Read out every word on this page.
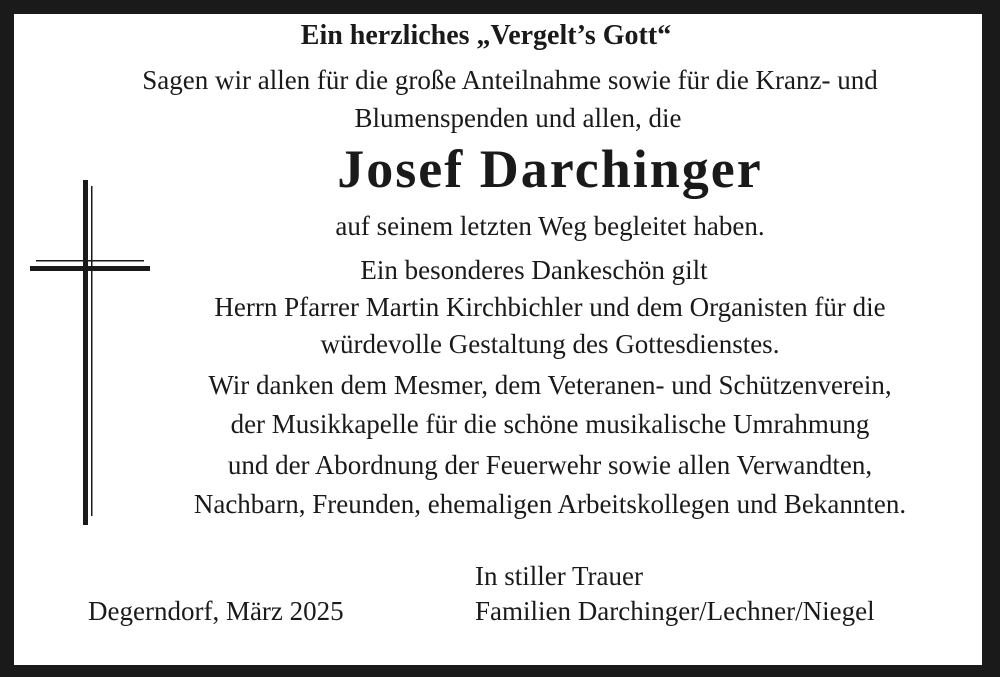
Ein herzliches „Vergelt’s Gott“
Sagen wir allen für die große Anteilnahme sowie für die Kranz- und
Blumenspenden und allen, die
Josef Darchinger
auf seinem letzten Weg begleitet haben.
Ein besonderes Dankeschön gilt
Herrn Pfarrer Martin Kirchbichler und dem Organisten für die
würdevolle Gestaltung des Gottesdienstes.
Wir danken dem Mesmer, dem Veteranen- und Schützenverein,
der Musikkapelle für die schöne musikalische Umrahmung
und der Abordnung der Feuerwehr sowie allen Verwandten,
Nachbarn, Freunden, ehemaligen Arbeitskollegen und Bekannten.
In stiller Trauer
Degerndorf, März 2025	Familien Darchinger/Lechner/Niegel
